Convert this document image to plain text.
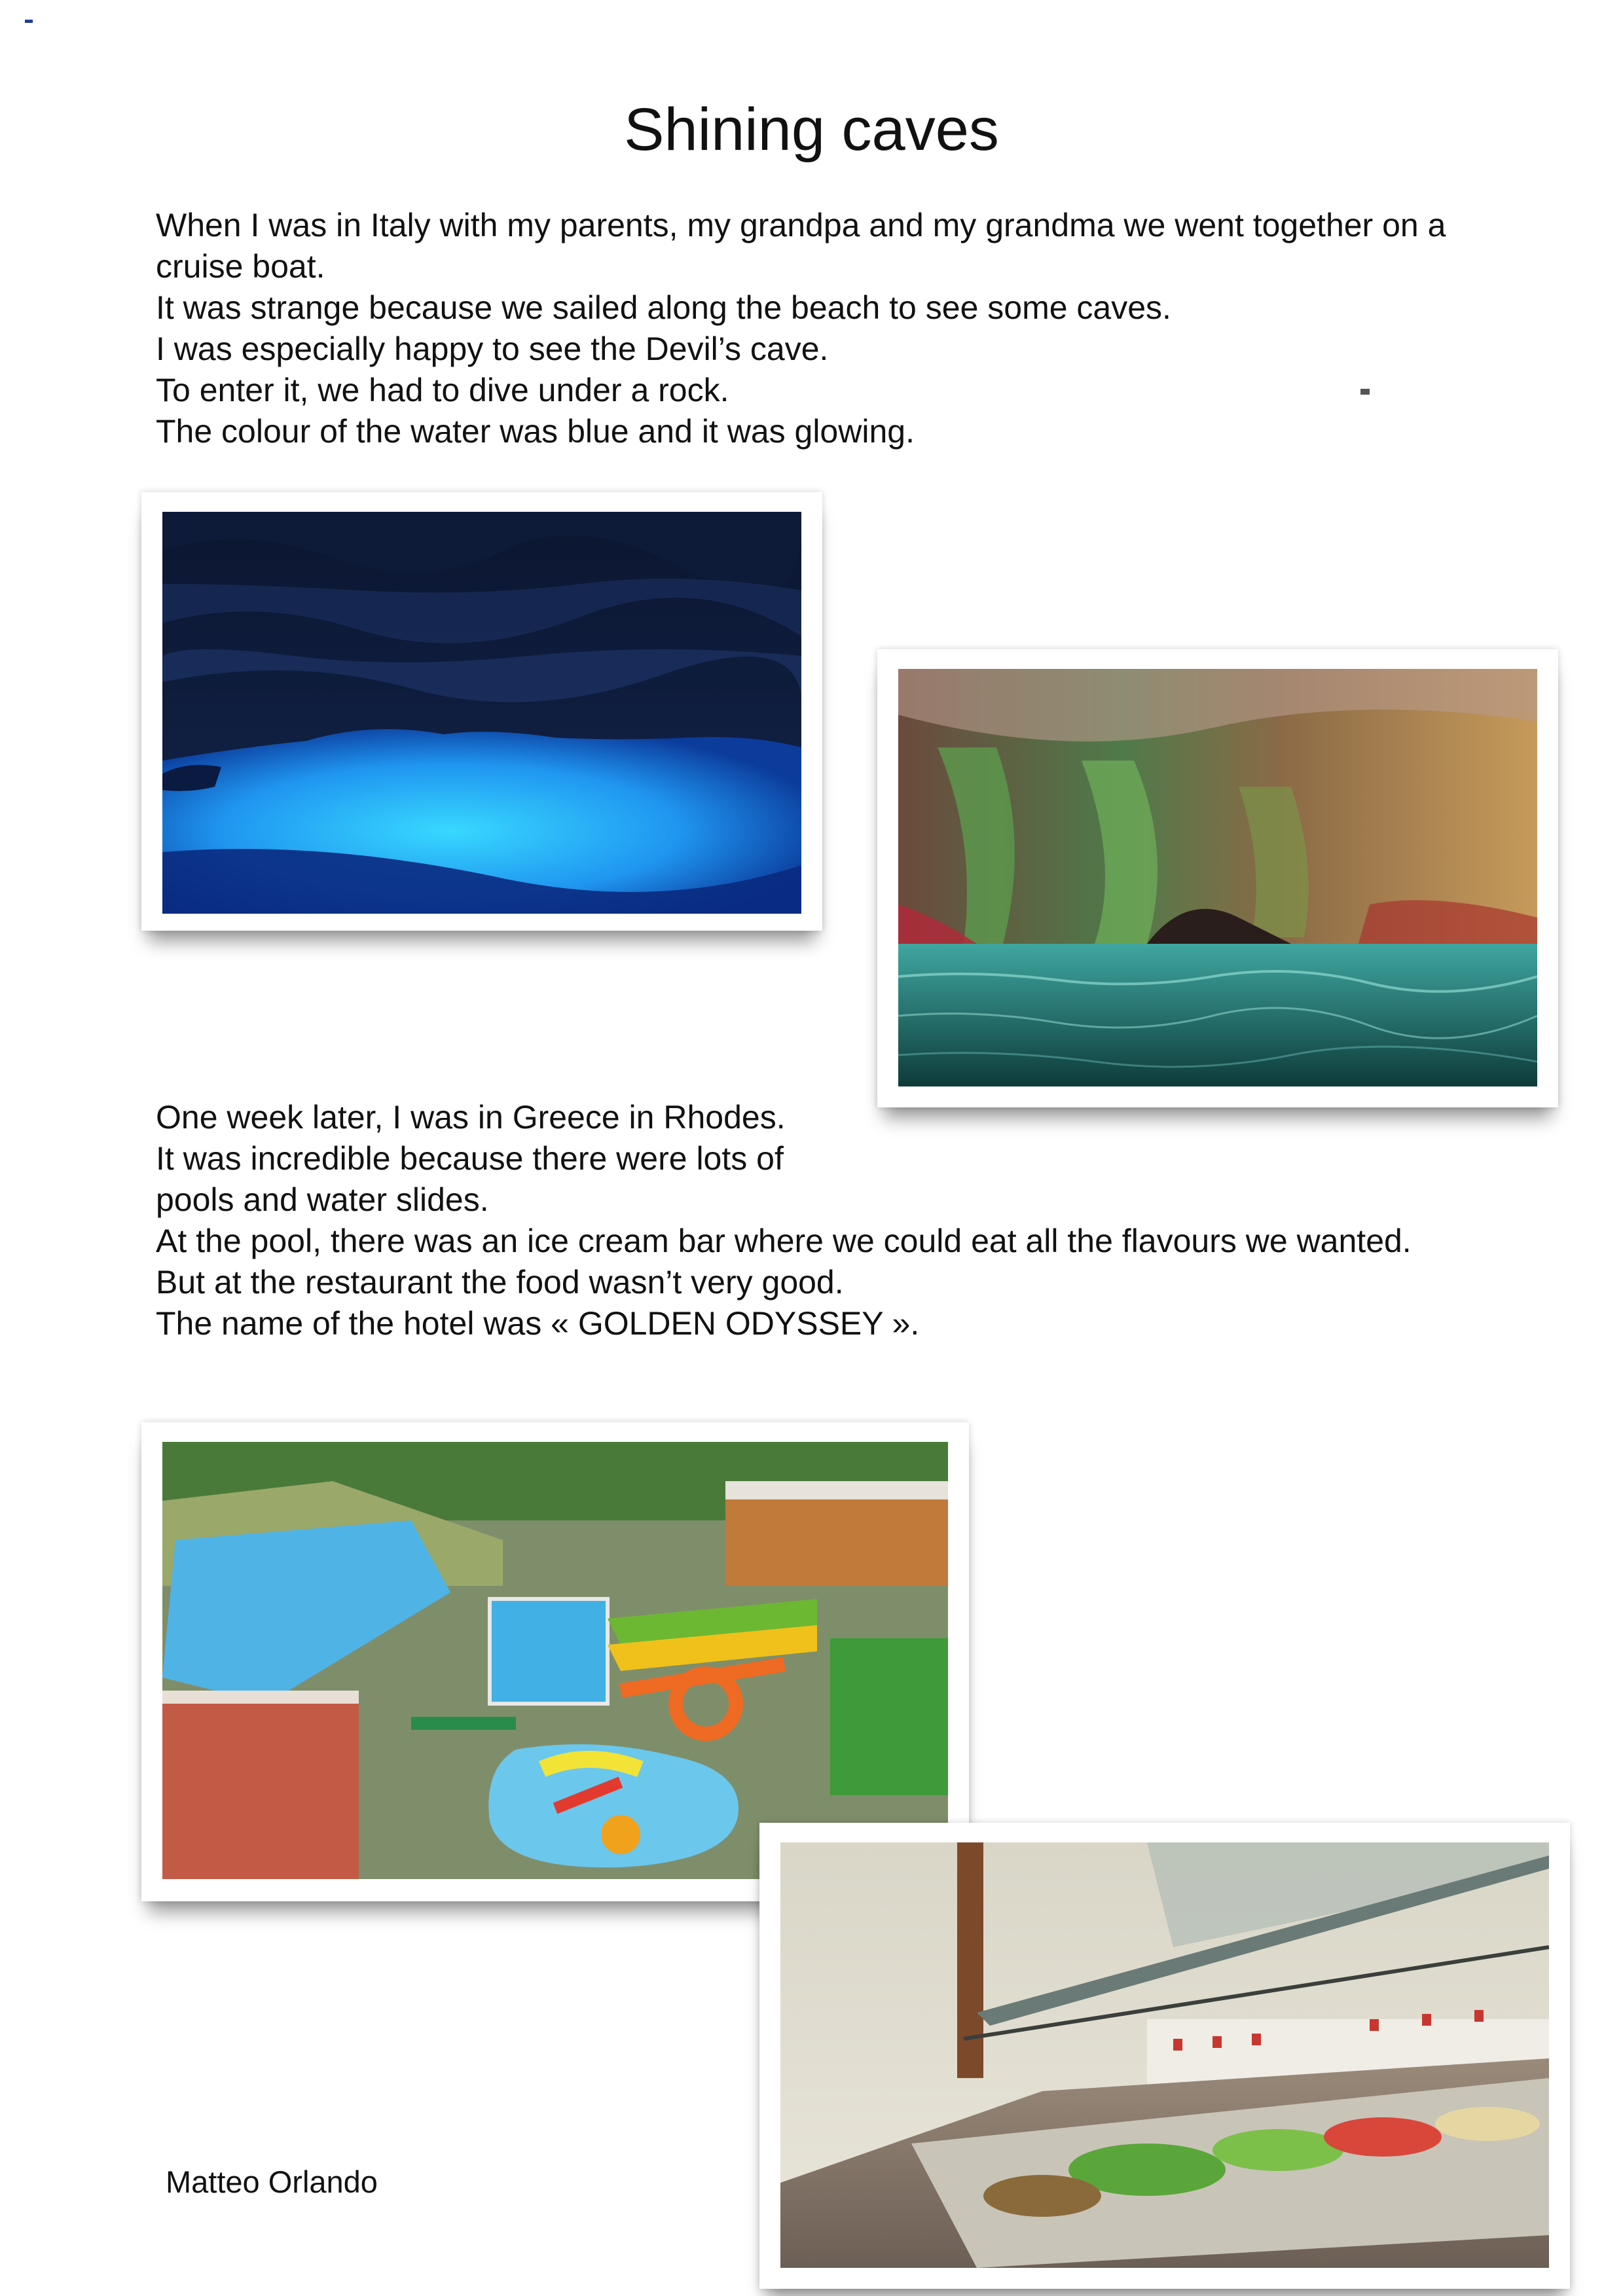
Shining caves
When I was in Italy with my parents, my grandpa and my grandma we went together on a cruise boat.
It was strange because we sailed along the beach to see some caves.
I was especially happy to see the Devil’s cave.
To enter it, we had to dive under a rock.
The colour of the water was blue and it was glowing.
One week later, I was in Greece in Rhodes.
It was incredible because there were lots of pools and water slides.
At the pool, there was an ice cream bar where we could eat all the flavours we wanted.
But at the restaurant the food wasn’t very good.
The name of the hotel was « GOLDEN ODYSSEY ».
Matteo Orlando
